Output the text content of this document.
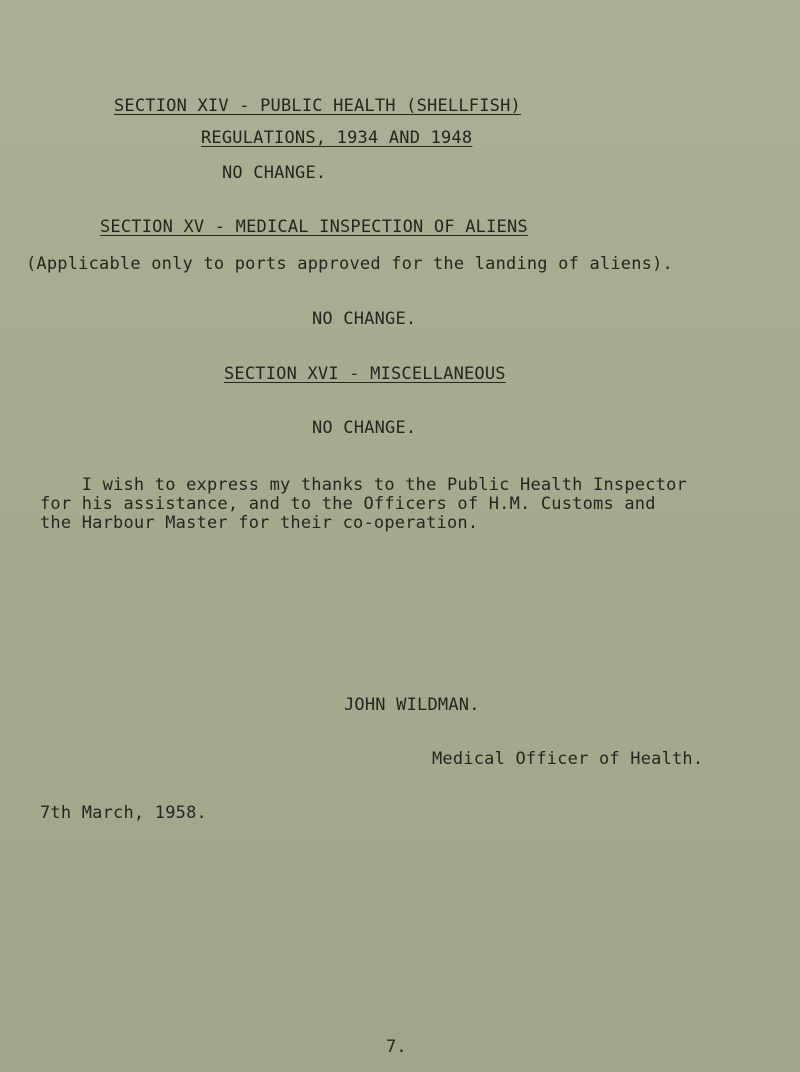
SECTION XIV - PUBLIC HEALTH (SHELLFISH)
REGULATIONS, 1934 AND 1948
NO CHANGE.
SECTION XV - MEDICAL INSPECTION OF ALIENS
(Applicable only to ports approved for the landing of aliens).
NO CHANGE.
SECTION XVI - MISCELLANEOUS
NO CHANGE.
I wish to express my thanks to the Public Health Inspector
for his assistance, and to the Officers of H.M. Customs and
the Harbour Master for their co-operation.
JOHN WILDMAN.
Medical Officer of Health.
7th March, 1958.
7.
